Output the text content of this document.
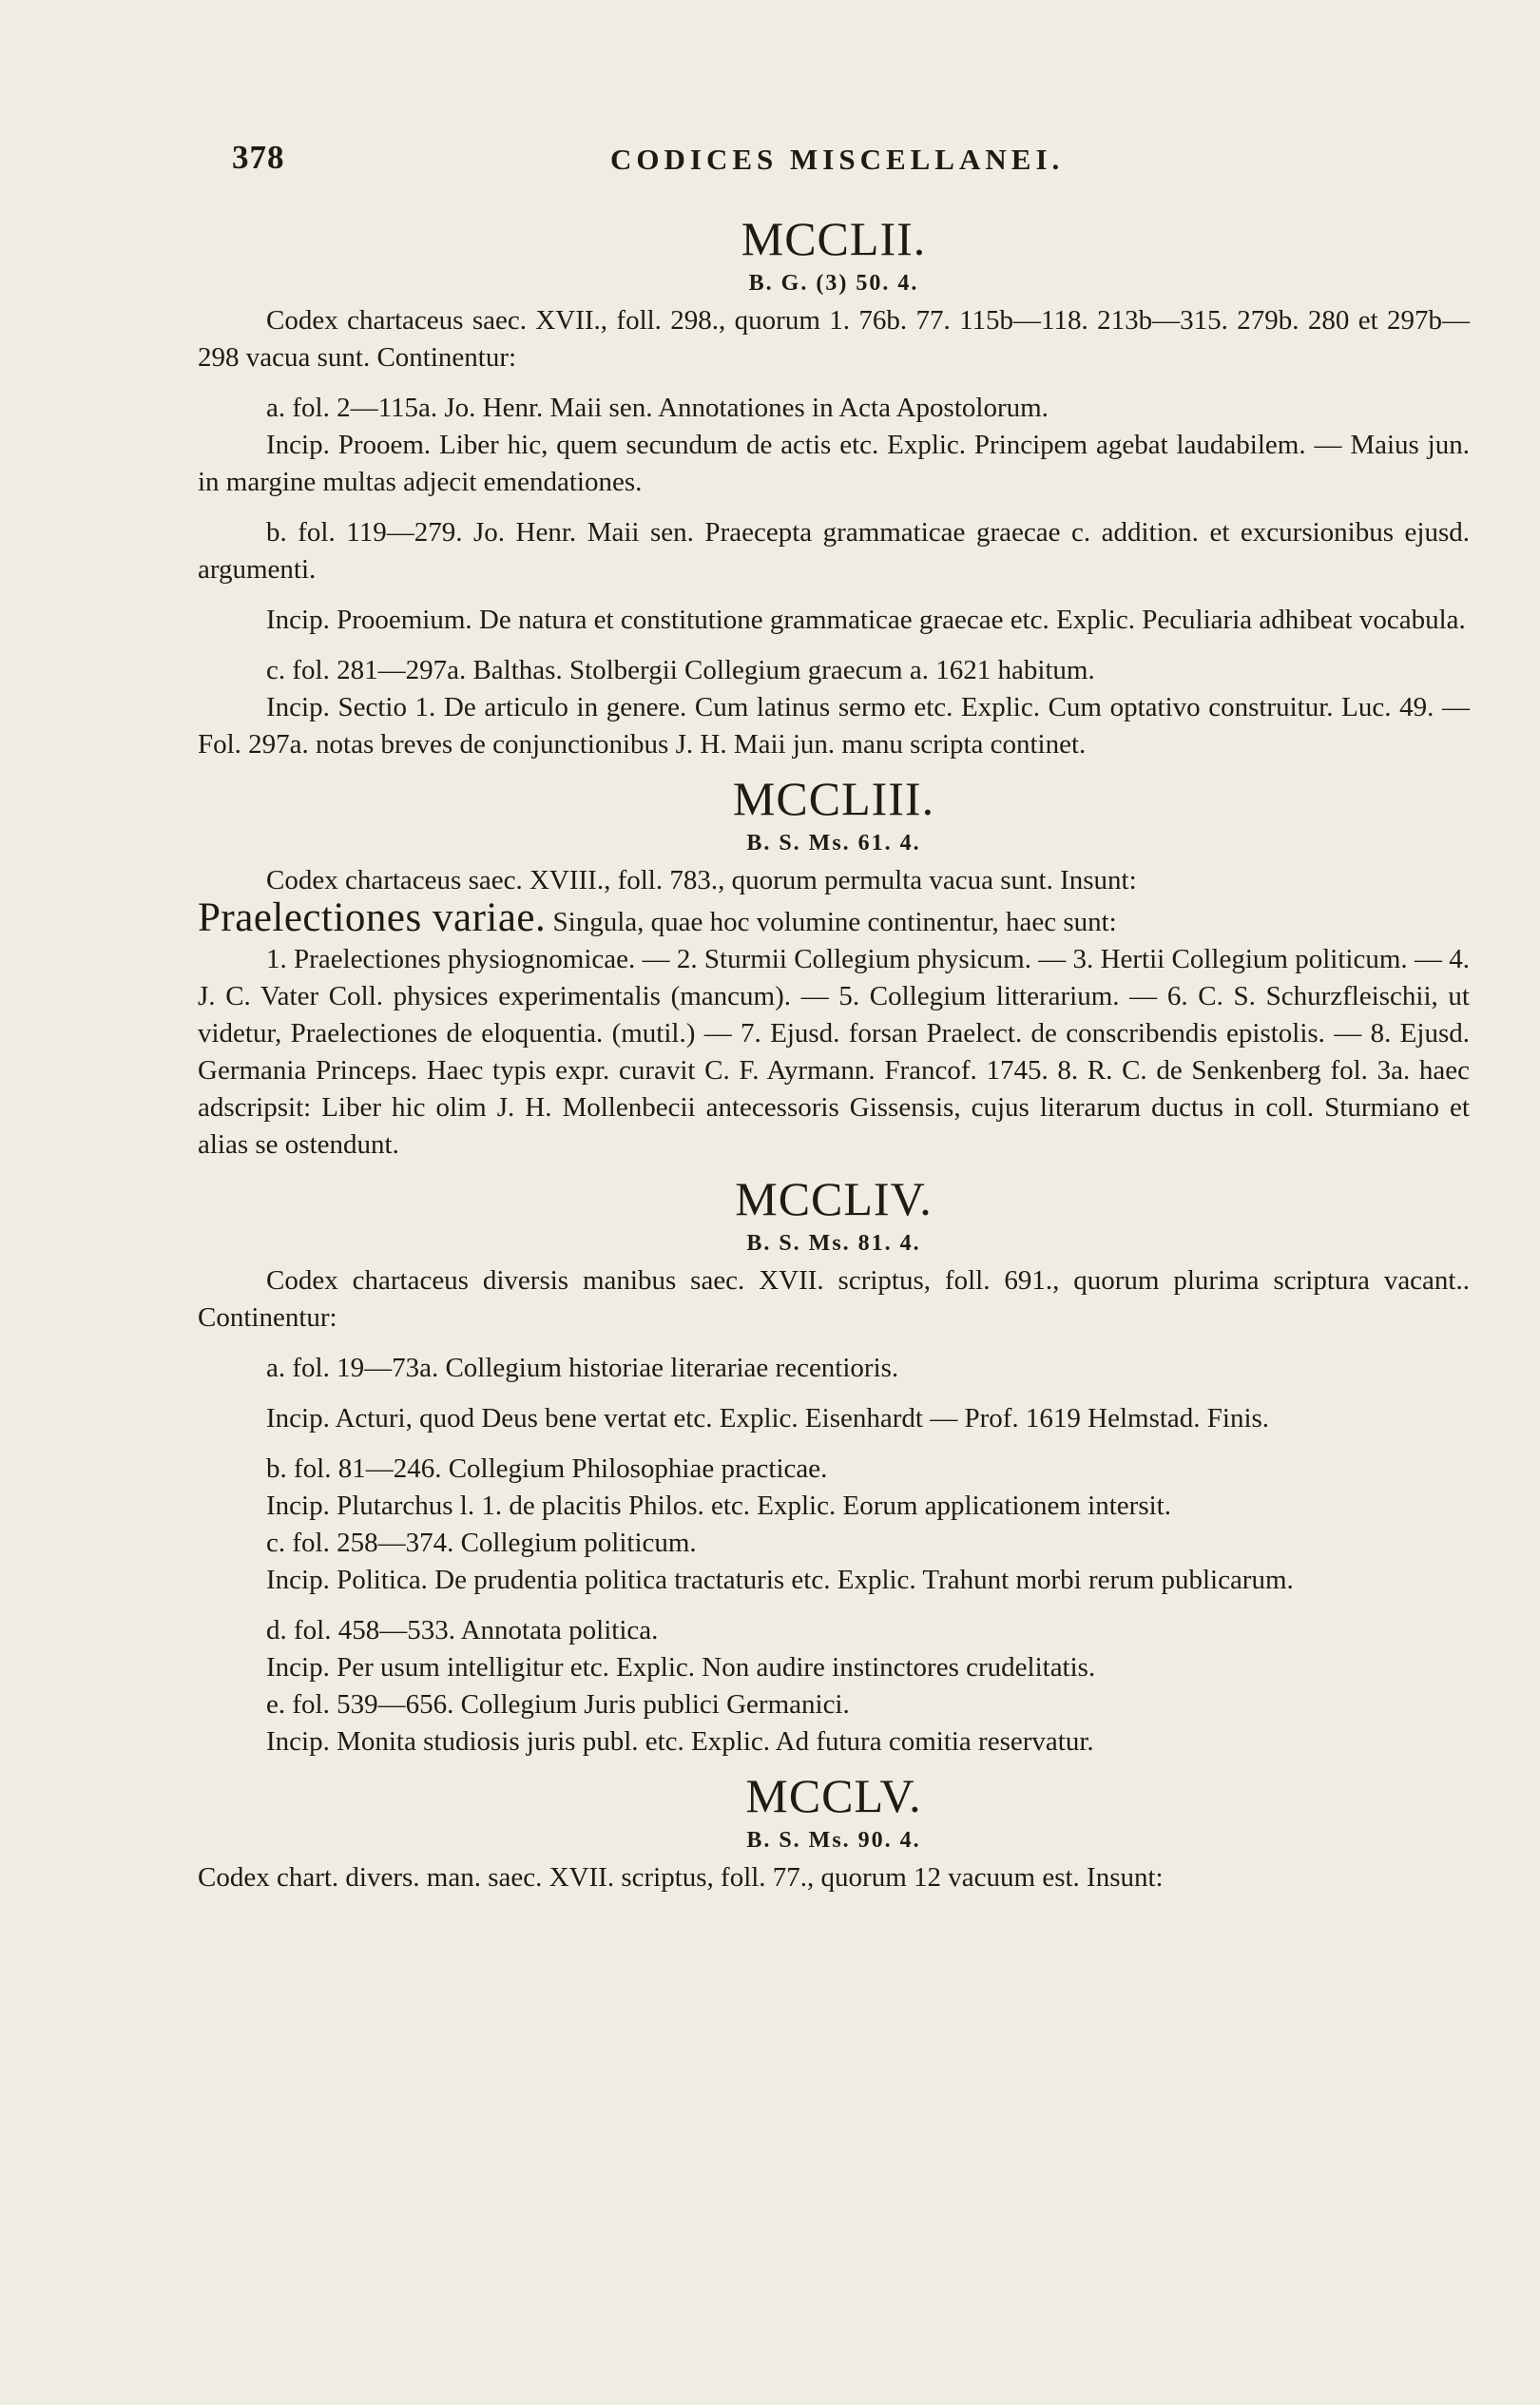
378	CODICES MISCELLANEI.
MCCLII.
B. G. (3) 50. 4.

Codex chartaceus saec. XVII., foll. 298., quorum 1. 76b. 77. 115b—118. 213b—315. 279b. 280 et 297b—298 vacua sunt. Continentur:

a. fol. 2—115a. Jo. Henr. Maii sen. Annotationes in Acta Apostolorum.

Incip. Prooem. Liber hic, quem secundum de actis etc. Explic. Principem agebat laudabilem. — Maius jun. in margine multas adjecit emendationes.

b. fol. 119—279. Jo. Henr. Maii sen. Praecepta grammaticae graecae c. addition. et excursionibus ejusd. argumenti.

Incip. Prooemium. De natura et constitutione grammaticae graecae etc. Explic. Peculiaria adhibeat vocabula.

c. fol. 281—297a. Balthas. Stolbergii Collegium graecum a. 1621 habitum.

Incip. Sectio 1. De articulo in genere. Cum latinus sermo etc. Explic. Cum optativo construitur. Luc. 49. — Fol. 297a. notas breves de conjunctionibus J. H. Maii jun. manu scripta continet.

MCCLIII.
B. S. Ms. 61. 4.

Codex chartaceus saec. XVIII., foll. 783., quorum permulta vacua sunt. Insunt:

Praelectiones variae. Singula, quae hoc volumine continentur, haec sunt:

1. Praelectiones physiognomicae. — 2. Sturmii Collegium physicum. — 3. Hertii Collegium politicum. — 4. J. C. Vater Coll. physices experimentalis (mancum). — 5. Collegium litterarium. — 6. C. S. Schurzfleischii, ut videtur, Praelectiones de eloquentia. (mutil.) — 7. Ejusd. forsan Praelect. de conscribendis epistolis. — 8. Ejusd. Germania Princeps. Haec typis expr. curavit C. F. Ayrmann. Francof. 1745. 8. R. C. de Senkenberg fol. 3a. haec adscripsit: Liber hic olim J. H. Mollenbecii antecessoris Gissensis, cujus literarum ductus in coll. Sturmiano et alias se ostendunt.

MCCLIV.
B. S. Ms. 81. 4.

Codex chartaceus diversis manibus saec. XVII. scriptus, foll. 691., quorum plurima scriptura vacant.. Continentur:

a. fol. 19—73a. Collegium historiae literariae recentioris.

Incip. Acturi, quod Deus bene vertat etc. Explic. Eisenhardt — Prof. 1619 Helmstad. Finis.

b. fol. 81—246. Collegium Philosophiae practicae.

Incip. Plutarchus l. 1. de placitis Philos. etc. Explic. Eorum applicationem intersit.

c. fol. 258—374. Collegium politicum.

Incip. Politica. De prudentia politica tractaturis etc. Explic. Trahunt morbi rerum publicarum.

d. fol. 458—533. Annotata politica.

Incip. Per usum intelligitur etc. Explic. Non audire instinctores crudelitatis.

e. fol. 539—656. Collegium Juris publici Germanici.

Incip. Monita studiosis juris publ. etc. Explic. Ad futura comitia reservatur.

MCCLV.
B. S. Ms. 90. 4.

Codex chart. divers. man. saec. XVII. scriptus, foll. 77., quorum 12 vacuum est. Insunt:
